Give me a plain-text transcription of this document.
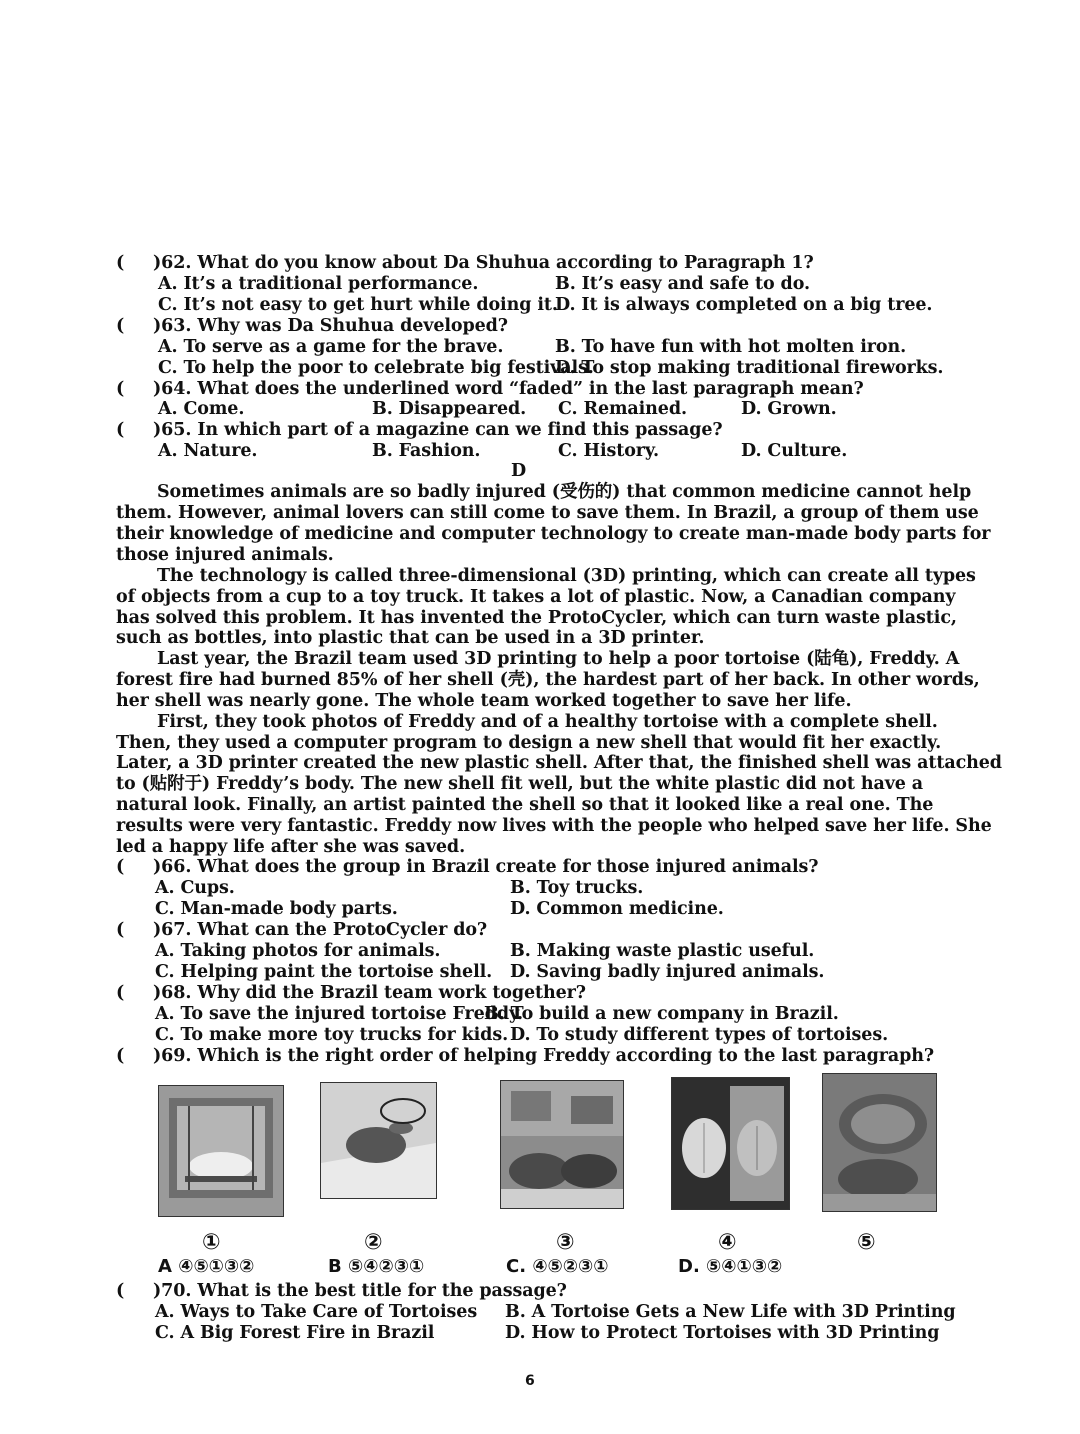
( )62. What do you know about Da Shuhua according to Paragraph 1?
A. It’s a traditional performance.	B. It’s easy and safe to do.
C. It’s not easy to get hurt while doing it.
D. It is always completed on a big tree.
( )63. Why was Da Shuhua developed?
A. To serve as a game for the brave.	B. To have fun with hot molten iron.
C. To help the poor to celebrate big festivals.
D. To stop making traditional fireworks.
( )64. What does the underlined word “faded” in the last paragraph mean?
A. Come.	B. Disappeared. C. Remained.	D. Grown.
( )65. In which part of a magazine can we find this passage?
A. Nature.	B. Fashion.	C. History.	D. Culture.
D
Sometimes animals are so badly injured (受伤的) that common medicine cannot help
them. However, animal lovers can still come to save them. In Brazil, a group of them use
their knowledge of medicine and computer technology to create man-made body parts for
those injured animals.
The technology is called three-dimensional (3D) printing, which can create all types
of objects from a cup to a toy truck. It takes a lot of plastic. Now, a Canadian company
has solved this problem. It has invented the ProtoCycler, which can turn waste plastic,
such as bottles, into plastic that can be used in a 3D printer.
Last year, the Brazil team used 3D printing to help a poor tortoise (陆龟), Freddy. A
forest fire had burned 85% of her shell (壳), the hardest part of her back. In other words,
her shell was nearly gone. The whole team worked together to save her life.
First, they took photos of Freddy and of a healthy tortoise with a complete shell.
Then, they used a computer program to design a new shell that would fit her exactly.
Later, a 3D printer created the new plastic shell. After that, the finished shell was attached
to (贴附于) Freddy’s body. The new shell fit well, but the white plastic did not have a
natural look. Finally, an artist painted the shell so that it looked like a real one. The
results were very fantastic. Freddy now lives with the people who helped save her life. She
led a happy life after she was saved.
( )66. What does the group in Brazil create for those injured animals?
A. Cups.	B. Toy trucks.
C. Man-made body parts.	D. Common medicine.
( )67. What can the ProtoCycler do?
A. Taking photos for animals.	B. Making waste plastic useful.
C. Helping paint the tortoise shell. D. Saving badly injured animals.
( )68. Why did the Brazil team work together?
A. To save the injured tortoise Freddy.
B. To build a new company in Brazil.
C. To make more toy trucks for kids. D. To study different types of tortoises.
( )69. Which is the right order of helping Freddy according to the last paragraph?
①	②	③	④	⑤
A ④⑤①③②	B ⑤④②③①	C. ④⑤②③①	D. ⑤④①③②
( )70. What is the best title for the passage?
A. Ways to Take Care of Tortoises B. A Tortoise Gets a New Life with 3D Printing
C. A Big Forest Fire in Brazil	D. How to Protect Tortoises with 3D Printing
6
